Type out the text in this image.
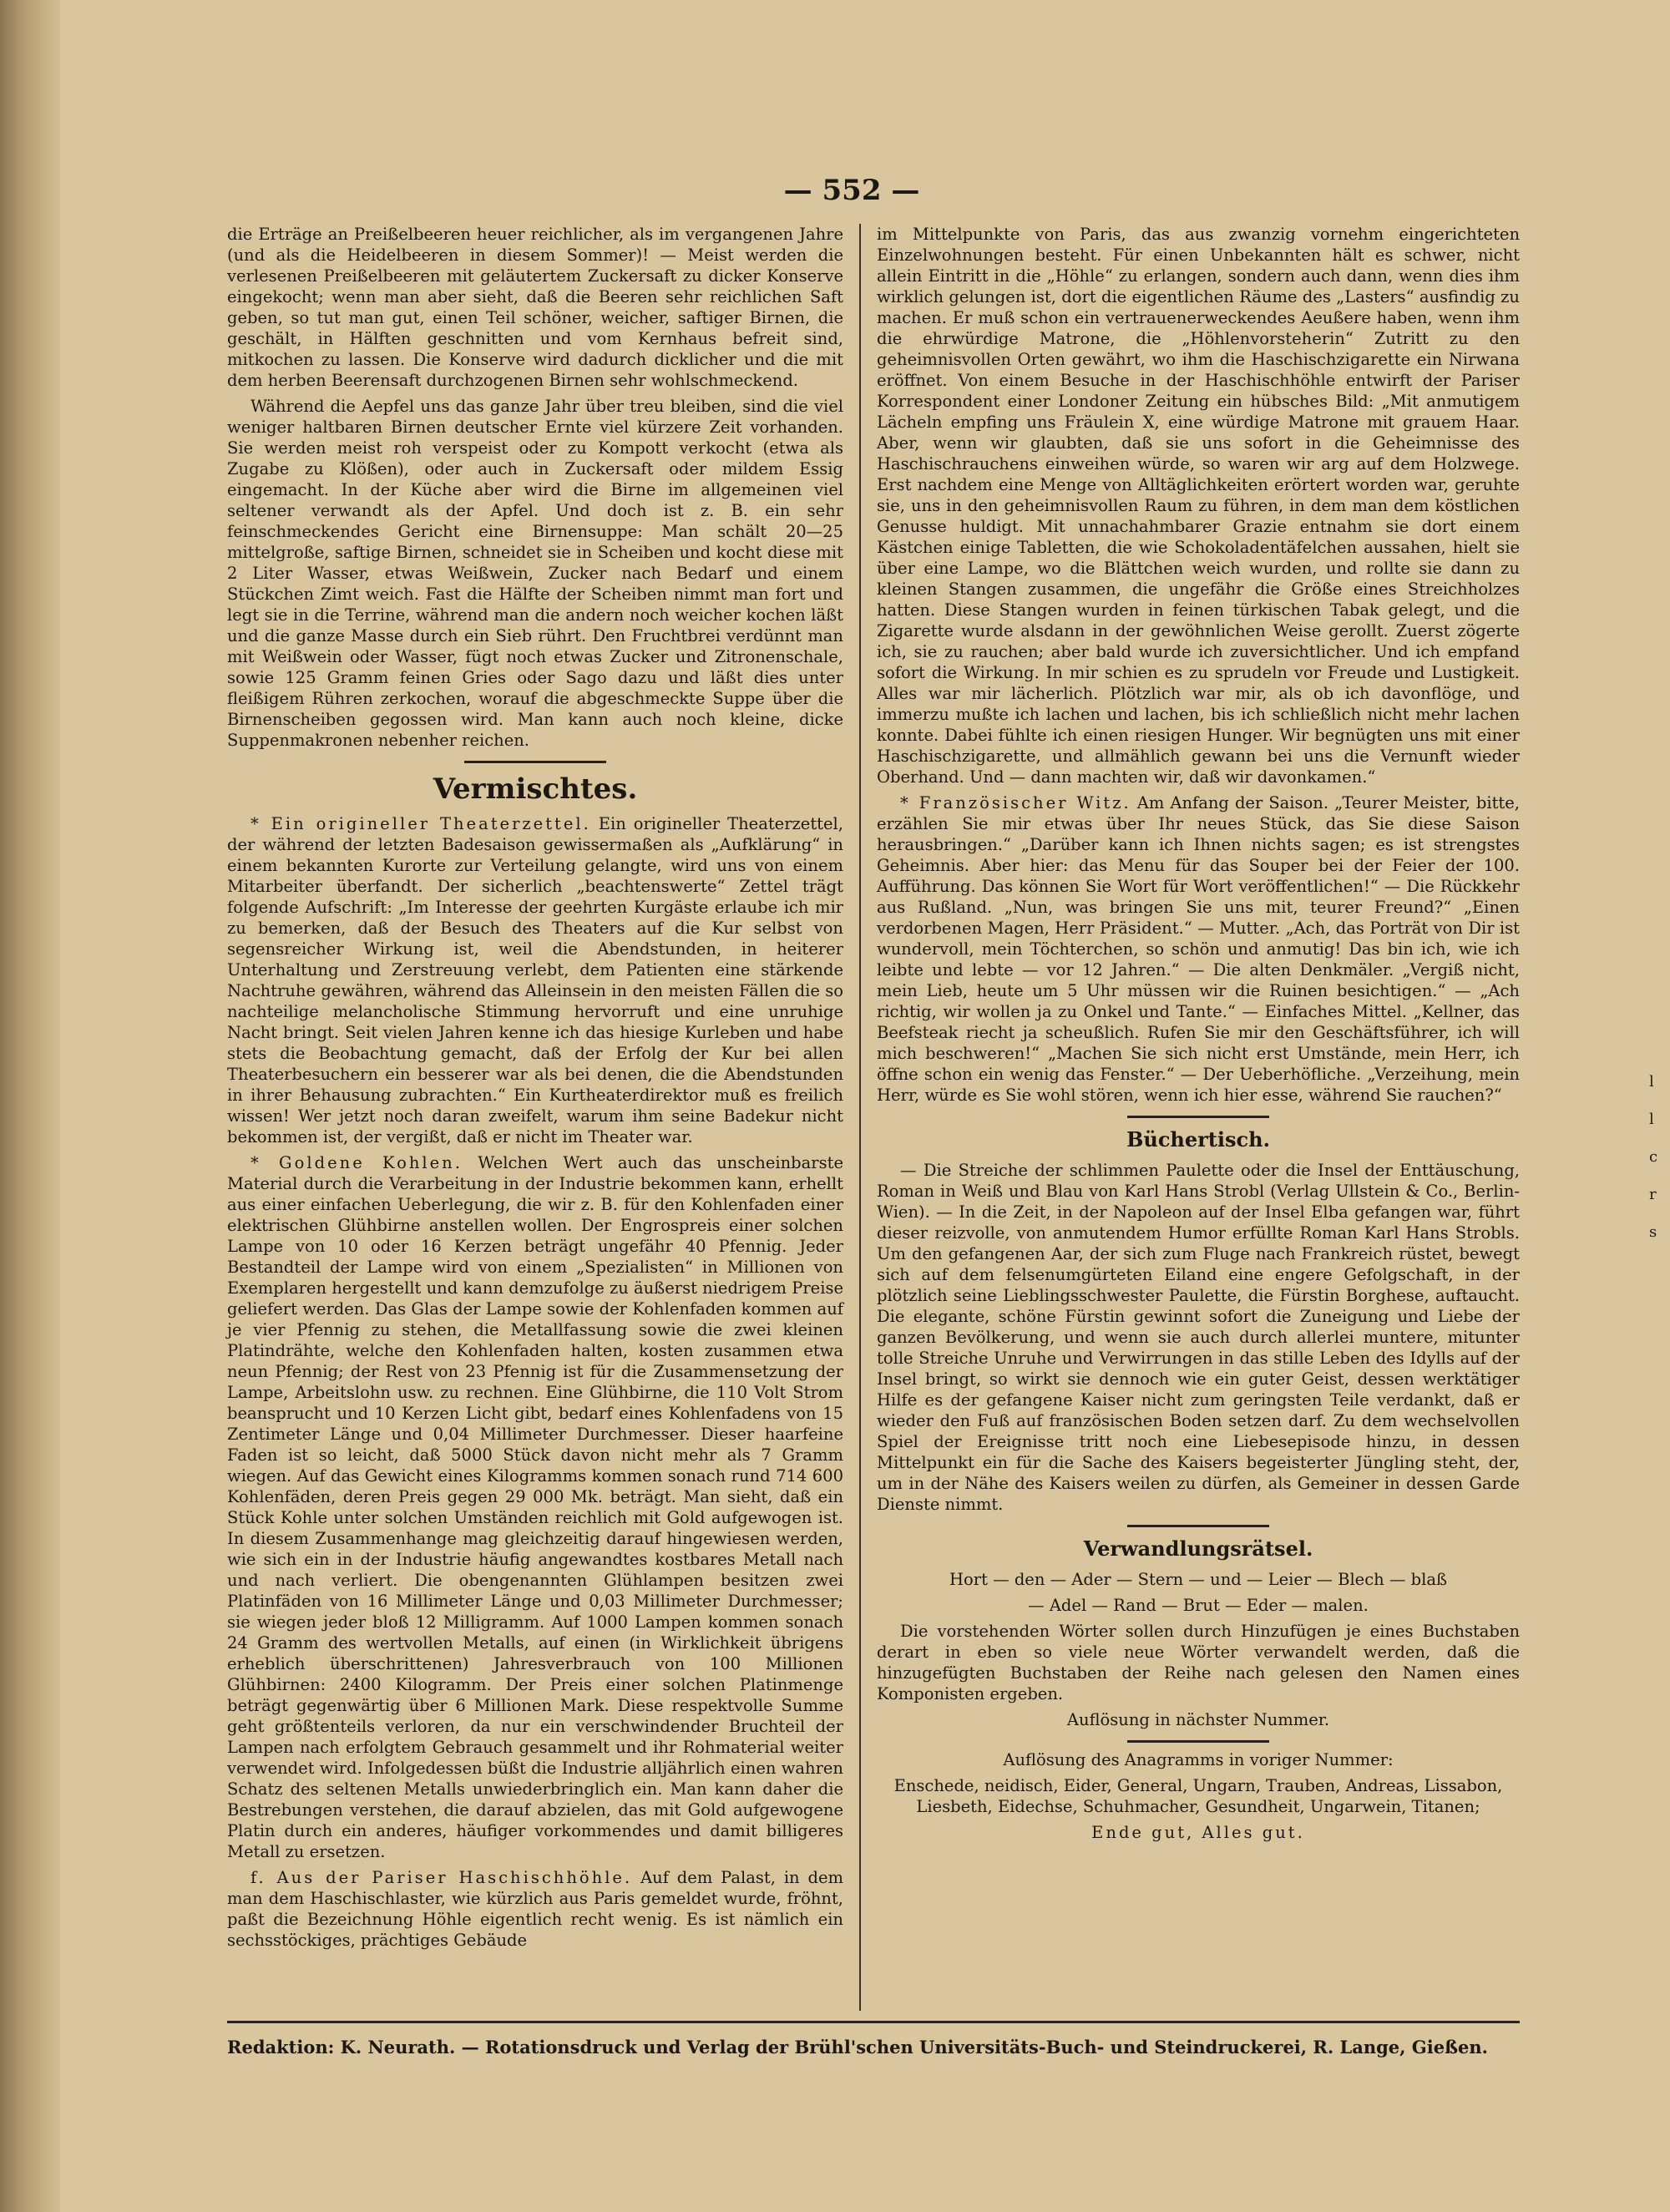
— 552 —

die Erträge an Preißelbeeren heuer reichlicher, als im vergangenen Jahre (und als die Heidelbeeren in diesem Sommer)! — Meist werden die verlesenen Preißelbeeren mit geläutertem Zuckersaft zu dicker Konserve eingekocht; wenn man aber sieht, daß die Beeren sehr reichlichen Saft geben, so tut man gut, einen Teil schöner, weicher, saftiger Birnen, die geschält, in Hälften geschnitten und vom Kernhaus befreit sind, mitkochen zu lassen. Die Konserve wird dadurch dicklicher und die mit dem herben Beerensaft durchzogenen Birnen sehr wohlschmeckend.

Während die Aepfel uns das ganze Jahr über treu bleiben, sind die viel weniger haltbaren Birnen deutscher Ernte viel kürzere Zeit vorhanden. Sie werden meist roh verspeist oder zu Kompott verkocht (etwa als Zugabe zu Klößen), oder auch in Zuckersaft oder mildem Essig eingemacht. In der Küche aber wird die Birne im allgemeinen viel seltener verwandt als der Apfel. Und doch ist z. B. ein sehr feinschmeckendes Gericht eine Birnensuppe: Man schält 20—25 mittelgroße, saftige Birnen, schneidet sie in Scheiben und kocht diese mit 2 Liter Wasser, etwas Weißwein, Zucker nach Bedarf und einem Stückchen Zimt weich. Fast die Hälfte der Scheiben nimmt man fort und legt sie in die Terrine, während man die andern noch weicher kochen läßt und die ganze Masse durch ein Sieb rührt. Den Fruchtbrei verdünnt man mit Weißwein oder Wasser, fügt noch etwas Zucker und Zitronenschale, sowie 125 Gramm feinen Gries oder Sago dazu und läßt dies unter fleißigem Rühren zerkochen, worauf die abgeschmeckte Suppe über die Birnenscheiben gegossen wird. Man kann auch noch kleine, dicke Suppenmakronen nebenher reichen.

Vermischtes.

* Ein origineller Theaterzettel. Ein origineller Theaterzettel, der während der letzten Badesaison gewissermaßen als „Aufklärung“ in einem bekannten Kurorte zur Verteilung gelangte, wird uns von einem Mitarbeiter überfandt. Der sicherlich „beachtenswerte“ Zettel trägt folgende Aufschrift: „Im Interesse der geehrten Kurgäste erlaube ich mir zu bemerken, daß der Besuch des Theaters auf die Kur selbst von segensreicher Wirkung ist, weil die Abendstunden, in heiterer Unterhaltung und Zerstreuung verlebt, dem Patienten eine stärkende Nachtruhe gewähren, während das Alleinsein in den meisten Fällen die so nachteilige melancholische Stimmung hervorruft und eine unruhige Nacht bringt. Seit vielen Jahren kenne ich das hiesige Kurleben und habe stets die Beobachtung gemacht, daß der Erfolg der Kur bei allen Theaterbesuchern ein besserer war als bei denen, die die Abendstunden in ihrer Behausung zubrachten.“ Ein Kurtheaterdirektor muß es freilich wissen! Wer jetzt noch daran zweifelt, warum ihm seine Badekur nicht bekommen ist, der vergißt, daß er nicht im Theater war.

* Goldene Kohlen. Welchen Wert auch das unscheinbarste Material durch die Verarbeitung in der Industrie bekommen kann, erhellt aus einer einfachen Ueberlegung, die wir z. B. für den Kohlenfaden einer elektrischen Glühbirne anstellen wollen. Der Engrospreis einer solchen Lampe von 10 oder 16 Kerzen beträgt ungefähr 40 Pfennig. Jeder Bestandteil der Lampe wird von einem „Spezialisten“ in Millionen von Exemplaren hergestellt und kann demzufolge zu äußerst niedrigem Preise geliefert werden. Das Glas der Lampe sowie der Kohlenfaden kommen auf je vier Pfennig zu stehen, die Metallfassung sowie die zwei kleinen Platindrähte, welche den Kohlenfaden halten, kosten zusammen etwa neun Pfennig; der Rest von 23 Pfennig ist für die Zusammensetzung der Lampe, Arbeitslohn usw. zu rechnen. Eine Glühbirne, die 110 Volt Strom beansprucht und 10 Kerzen Licht gibt, bedarf eines Kohlenfadens von 15 Zentimeter Länge und 0,04 Millimeter Durchmesser. Dieser haarfeine Faden ist so leicht, daß 5000 Stück davon nicht mehr als 7 Gramm wiegen. Auf das Gewicht eines Kilogramms kommen sonach rund 714 600 Kohlenfäden, deren Preis gegen 29 000 Mk. beträgt. Man sieht, daß ein Stück Kohle unter solchen Umständen reichlich mit Gold aufgewogen ist. In diesem Zusammenhange mag gleichzeitig darauf hingewiesen werden, wie sich ein in der Industrie häufig angewandtes kostbares Metall nach und nach verliert. Die obengenannten Glühlampen besitzen zwei Platinfäden von 16 Millimeter Länge und 0,03 Millimeter Durchmesser; sie wiegen jeder bloß 12 Milligramm. Auf 1000 Lampen kommen sonach 24 Gramm des wertvollen Metalls, auf einen (in Wirklichkeit übrigens erheblich überschrittenen) Jahresverbrauch von 100 Millionen Glühbirnen: 2400 Kilogramm. Der Preis einer solchen Platinmenge beträgt gegenwärtig über 6 Millionen Mark. Diese respektvolle Summe geht größtenteils verloren, da nur ein verschwindender Bruchteil der Lampen nach erfolgtem Gebrauch gesammelt und ihr Rohmaterial weiter verwendet wird. Infolgedessen büßt die Industrie alljährlich einen wahren Schatz des seltenen Metalls unwiederbringlich ein. Man kann daher die Bestrebungen verstehen, die darauf abzielen, das mit Gold aufgewogene Platin durch ein anderes, häufiger vorkommendes und damit billigeres Metall zu ersetzen.

f. Aus der Pariser Haschischhöhle. Auf dem Palast, in dem man dem Haschischlaster, wie kürzlich aus Paris gemeldet wurde, fröhnt, paßt die Bezeichnung Höhle eigentlich recht wenig. Es ist nämlich ein sechsstöckiges, prächtiges Gebäude

im Mittelpunkte von Paris, das aus zwanzig vornehm eingerichteten Einzelwohnungen besteht. Für einen Unbekannten hält es schwer, nicht allein Eintritt in die „Höhle“ zu erlangen, sondern auch dann, wenn dies ihm wirklich gelungen ist, dort die eigentlichen Räume des „Lasters“ ausfindig zu machen. Er muß schon ein vertrauenerweckendes Aeußere haben, wenn ihm die ehrwürdige Matrone, die „Höhlenvorsteherin“ Zutritt zu den geheimnisvollen Orten gewährt, wo ihm die Haschischzigarette ein Nirwana eröffnet. Von einem Besuche in der Haschischhöhle entwirft der Pariser Korrespondent einer Londoner Zeitung ein hübsches Bild: „Mit anmutigem Lächeln empfing uns Fräulein X, eine würdige Matrone mit grauem Haar. Aber, wenn wir glaubten, daß sie uns sofort in die Geheimnisse des Haschischrauchens einweihen würde, so waren wir arg auf dem Holzwege. Erst nachdem eine Menge von Alltäglichkeiten erörtert worden war, geruhte sie, uns in den geheimnisvollen Raum zu führen, in dem man dem köstlichen Genusse huldigt. Mit unnachahmbarer Grazie entnahm sie dort einem Kästchen einige Tabletten, die wie Schokoladentäfelchen aussahen, hielt sie über eine Lampe, wo die Blättchen weich wurden, und rollte sie dann zu kleinen Stangen zusammen, die ungefähr die Größe eines Streichholzes hatten. Diese Stangen wurden in feinen türkischen Tabak gelegt, und die Zigarette wurde alsdann in der gewöhnlichen Weise gerollt. Zuerst zögerte ich, sie zu rauchen; aber bald wurde ich zuversichtlicher. Und ich empfand sofort die Wirkung. In mir schien es zu sprudeln vor Freude und Lustigkeit. Alles war mir lächerlich. Plötzlich war mir, als ob ich davonflöge, und immerzu mußte ich lachen und lachen, bis ich schließlich nicht mehr lachen konnte. Dabei fühlte ich einen riesigen Hunger. Wir begnügten uns mit einer Haschischzigarette, und allmählich gewann bei uns die Vernunft wieder Oberhand. Und — dann machten wir, daß wir davonkamen.“

* Französischer Witz. Am Anfang der Saison. „Teurer Meister, bitte, erzählen Sie mir etwas über Ihr neues Stück, das Sie diese Saison herausbringen.“ „Darüber kann ich Ihnen nichts sagen; es ist strengstes Geheimnis. Aber hier: das Menu für das Souper bei der Feier der 100. Aufführung. Das können Sie Wort für Wort veröffentlichen!“ — Die Rückkehr aus Rußland. „Nun, was bringen Sie uns mit, teurer Freund?“ „Einen verdorbenen Magen, Herr Präsident.“ — Mutter. „Ach, das Porträt von Dir ist wundervoll, mein Töchterchen, so schön und anmutig! Das bin ich, wie ich leibte und lebte — vor 12 Jahren.“ — Die alten Denkmäler. „Vergiß nicht, mein Lieb, heute um 5 Uhr müssen wir die Ruinen besichtigen.“ — „Ach richtig, wir wollen ja zu Onkel und Tante.“ — Einfaches Mittel. „Kellner, das Beefsteak riecht ja scheußlich. Rufen Sie mir den Geschäftsführer, ich will mich beschweren!“ „Machen Sie sich nicht erst Umstände, mein Herr, ich öffne schon ein wenig das Fenster.“ — Der Ueberhöfliche. „Verzeihung, mein Herr, würde es Sie wohl stören, wenn ich hier esse, während Sie rauchen?“

Büchertisch.

— Die Streiche der schlimmen Paulette oder die Insel der Enttäuschung, Roman in Weiß und Blau von Karl Hans Strobl (Verlag Ullstein & Co., Berlin-Wien). — In die Zeit, in der Napoleon auf der Insel Elba gefangen war, führt dieser reizvolle, von anmutendem Humor erfüllte Roman Karl Hans Strobls. Um den gefangenen Aar, der sich zum Fluge nach Frankreich rüstet, bewegt sich auf dem felsenumgürteten Eiland eine engere Gefolgschaft, in der plötzlich seine Lieblingsschwester Paulette, die Fürstin Borghese, auftaucht. Die elegante, schöne Fürstin gewinnt sofort die Zuneigung und Liebe der ganzen Bevölkerung, und wenn sie auch durch allerlei muntere, mitunter tolle Streiche Unruhe und Verwirrungen in das stille Leben des Idylls auf der Insel bringt, so wirkt sie dennoch wie ein guter Geist, dessen werktätiger Hilfe es der gefangene Kaiser nicht zum geringsten Teile verdankt, daß er wieder den Fuß auf französischen Boden setzen darf. Zu dem wechselvollen Spiel der Ereignisse tritt noch eine Liebesepisode hinzu, in dessen Mittelpunkt ein für die Sache des Kaisers begeisterter Jüngling steht, der, um in der Nähe des Kaisers weilen zu dürfen, als Gemeiner in dessen Garde Dienste nimmt.

Verwandlungsrätsel.

Hort — den — Ader — Stern — und — Leier — Blech — blaß

— Adel — Rand — Brut — Eder — malen.

Die vorstehenden Wörter sollen durch Hinzufügen je eines Buchstaben derart in eben so viele neue Wörter verwandelt werden, daß die hinzugefügten Buchstaben der Reihe nach gelesen den Namen eines Komponisten ergeben.

Auflösung in nächster Nummer.

Auflösung des Anagramms in voriger Nummer:

Enschede, neidisch, Eider, General, Ungarn, Trauben, Andreas, Lissabon, Liesbeth, Eidechse, Schuhmacher, Gesundheit, Ungarwein, Titanen;

Ende gut, Alles gut.

Redaktion: K. Neurath. — Rotationsdruck und Verlag der Brühl'schen Universitäts-Buch- und Steindruckerei, R. Lange, Gießen.
l
l
c
r
s
